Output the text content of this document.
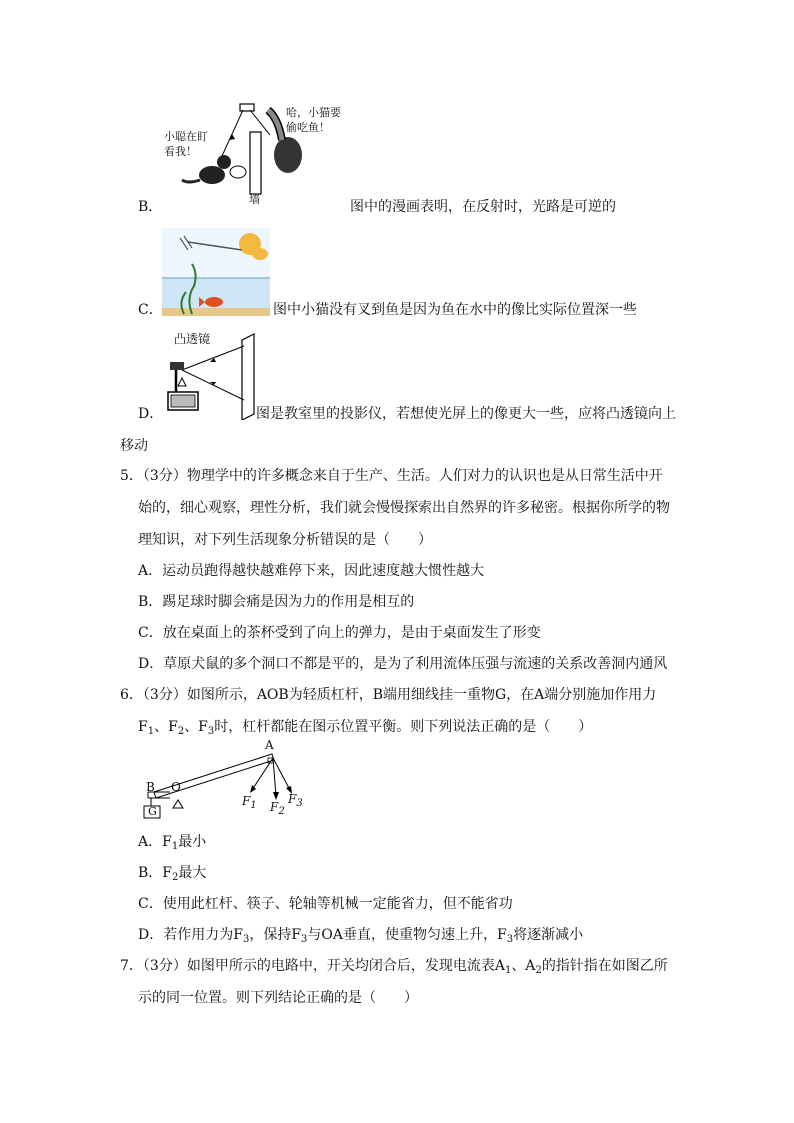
小聪在盯
看我！
哈，小猫要
偷吃鱼！
墙
B．	图中的漫画表明，在反射时，光路是可逆的
C．	图中小猫没有叉到鱼是因为鱼在水中的像比实际位置深一些
凸透镜
D．	图是教室里的投影仪，若想使光屏上的像更大一些，应将凸透镜向上
移动
5．（3分）物理学中的许多概念来自于生产、生活。人们对力的认识也是从日常生活中开
始的，细心观察，理性分析，我们就会慢慢探索出自然界的许多秘密。根据你所学的物
理知识，对下列生活现象分析错误的是（　　）
A．运动员跑得越快越难停下来，因此速度越大惯性越大
B．踢足球时脚会痛是因为力的作用是相互的
C．放在桌面上的茶杯受到了向上的弹力，是由于桌面发生了形变
D．草原犬鼠的多个洞口不都是平的，是为了利用流体压强与流速的关系改善洞内通风
6．（3分）如图所示，AOB为轻质杠杆，B端用细线挂一重物G，在A端分别施加作用力
$F_1$、$F_2$、$F_3$时，杠杆都能在图示位置平衡。则下列说法正确的是（　　）
A
B O
G
$F_1$ $F_2$
$F_3$
A．$F_1$最小
B．$F_2$最大
C．使用此杠杆、筷子、轮轴等机械一定能省力，但不能省功
D．若作用力为$F_3$，保持$F_3$与OA垂直，使重物匀速上升，$F_3$将逐渐减小
7．（3分）如图甲所示的电路中，开关均闭合后，发现电流表$A_1$、$A_2$的指针指在如图乙所
示的同一位置。则下列结论正确的是（　　）
